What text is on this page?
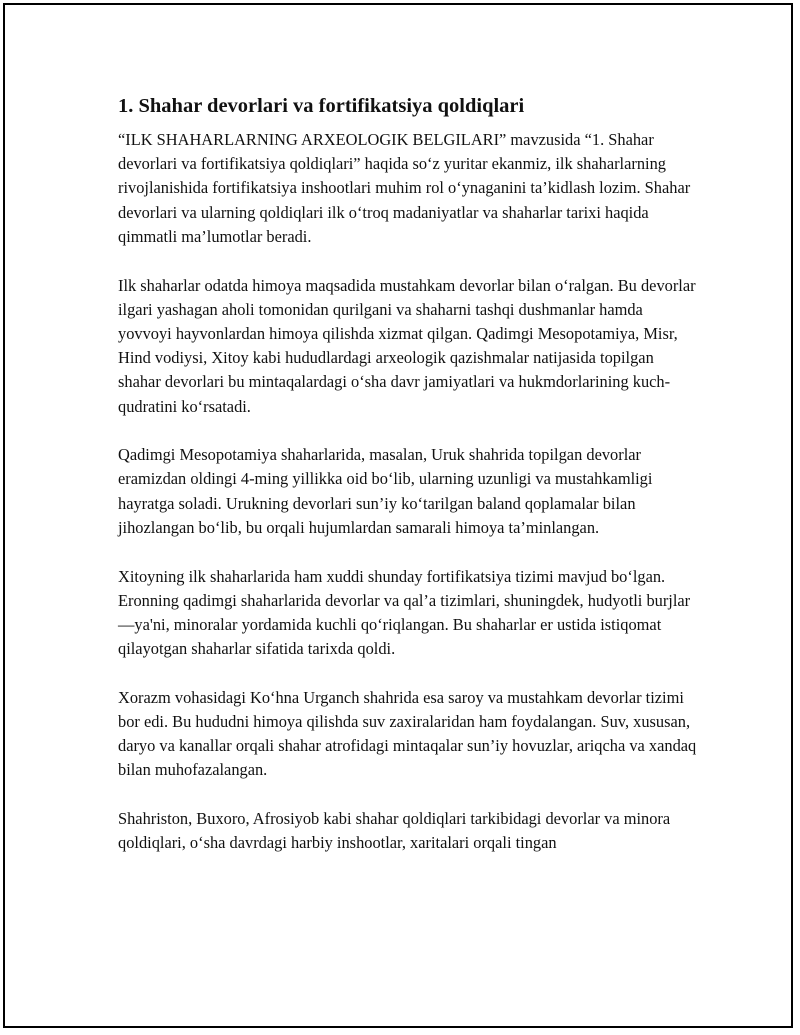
1. Shahar devorlari va fortifikatsiya qoldiqlari

“ILK SHAHARLARNING ARXEOLOGIK BELGILARI” mavzusida “1. Shahar devorlari va fortifikatsiya qoldiqlari” haqida so‘z yuritar ekanmiz, ilk shaharlarning rivojlanishida fortifikatsiya inshootlari muhim rol o‘ynaganini ta’kidlash lozim. Shahar devorlari va ularning qoldiqlari ilk o‘troq madaniyatlar va shaharlar tarixi haqida qimmatli ma’lumotlar beradi.

Ilk shaharlar odatda himoya maqsadida mustahkam devorlar bilan o‘ralgan. Bu devorlar ilgari yashagan aholi tomonidan qurilgani va shaharni tashqi dushmanlar hamda yovvoyi hayvonlardan himoya qilishda xizmat qilgan. Qadimgi Mesopotamiya, Misr, Hind vodiysi, Xitoy kabi hududlardagi arxeologik qazishmalar natijasida topilgan shahar devorlari bu mintaqalardagi o‘sha davr jamiyatlari va hukmdorlarining kuch-qudratini ko‘rsatadi.

Qadimgi Mesopotamiya shaharlarida, masalan, Uruk shahrida topilgan devorlar eramizdan oldingi 4-ming yillikka oid bo‘lib, ularning uzunligi va mustahkamligi hayratga soladi. Urukning devorlari sun’iy ko‘tarilgan baland qoplamalar bilan jihozlangan bo‘lib, bu orqali hujumlardan samarali himoya ta’minlangan.

Xitoyning ilk shaharlarida ham xuddi shunday fortifikatsiya tizimi mavjud bo‘lgan. Eronning qadimgi shaharlarida devorlar va qal’a tizimlari, shuningdek, hudyotli burjlar—ya'ni, minoralar yordamida kuchli qo‘riqlangan. Bu shaharlar er ustida istiqomat qilayotgan shaharlar sifatida tarixda qoldi.

Xorazm vohasidagi Ko‘hna Urganch shahrida esa saroy va mustahkam devorlar tizimi bor edi. Bu hududni himoya qilishda suv zaxiralaridan ham foydalangan. Suv, xususan, daryo va kanallar orqali shahar atrofidagi mintaqalar sun’iy hovuzlar, ariqcha va xandaq bilan muhofazalangan.

Shahriston, Buxoro, Afrosiyob kabi shahar qoldiqlari tarkibidagi devorlar va minora qoldiqlari, o‘sha davrdagi harbiy inshootlar, xaritalari orqali tingan
